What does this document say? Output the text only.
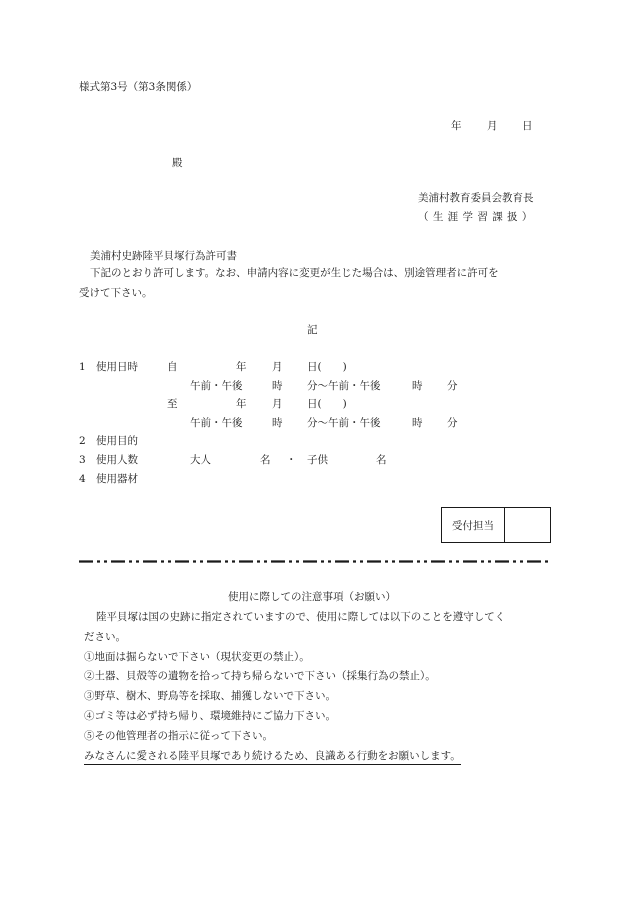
様式第3号（第3条関係）
年 月 日
殿
美浦村教育委員会教育長
（ 生 涯 学 習 課 扱 ）
美浦村史跡陸平貝塚行為許可書
下記のとおり許可します。なお、申請内容に変更が生じた場合は、別途管理者に許可を
受けて下さい。
記
1 使用日時	自	年 月 日(　　)
午前・午後	時 分～午前・午後	時 分
至	年 月 日(　　)
午前・午後	時 分～午前・午後	時 分
2 使用目的
3 使用人数	大人	名 ・ 子供	名
4 使用器材
受付担当
使用に際しての注意事項（お願い）
陸平貝塚は国の史跡に指定されていますので、使用に際しては以下のことを遵守してく
ださい。
①地面は掘らないで下さい（現状変更の禁止）。
②土器、貝殻等の遺物を拾って持ち帰らないで下さい（採集行為の禁止）。
③野草、樹木、野鳥等を採取、捕獲しないで下さい。
④ゴミ等は必ず持ち帰り、環境維持にご協力下さい。
⑤その他管理者の指示に従って下さい。
みなさんに愛される陸平貝塚であり続けるため、良識ある行動をお願いします。
